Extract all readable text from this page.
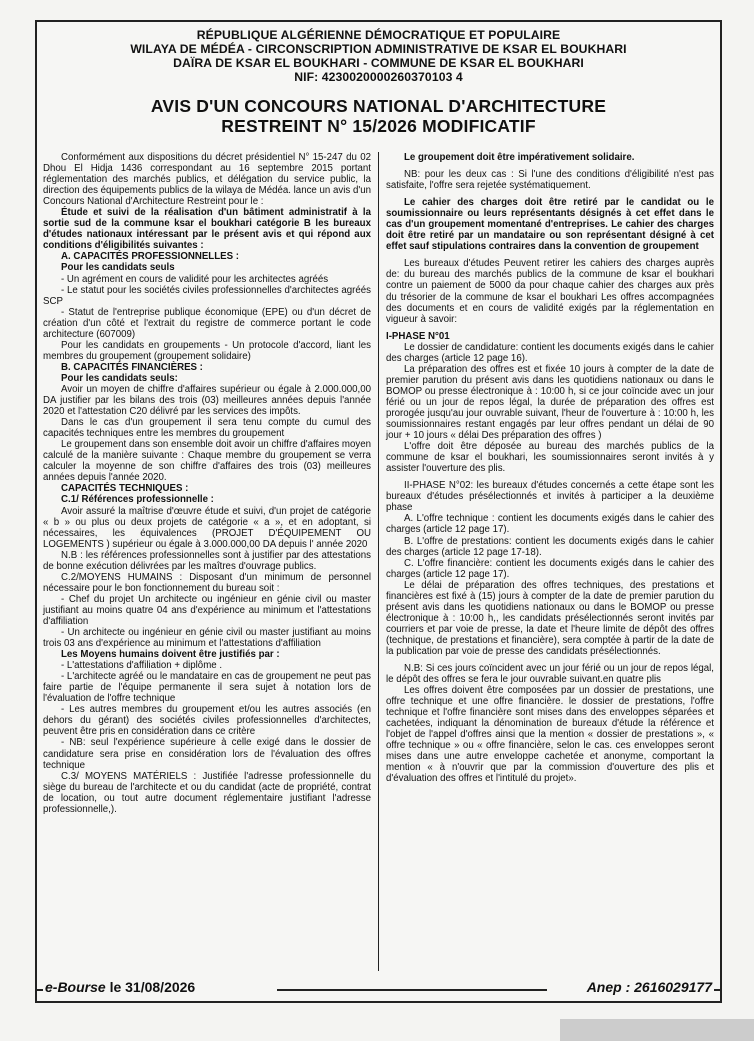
RÉPUBLIQUE ALGÉRIENNE DÉMOCRATIQUE ET POPULAIRE
WILAYA DE MÉDÉA - CIRCONSCRIPTION ADMINISTRATIVE DE KSAR EL BOUKHARI
DAÏRA DE KSAR EL BOUKHARI - COMMUNE DE KSAR EL BOUKHARI
NIF: 4230020000260370103 4
AVIS D'UN CONCOURS NATIONAL D'ARCHITECTURE
RESTREINT N° 15/2026 MODIFICATIF

Conformément aux dispositions du décret présidentiel N° 15-247 du 02 Dhou El Hidja 1436 correspondant au 16 septembre 2015 portant réglementation des marchés publics, et délégation du service public, la direction des équipements publics de la wilaya de Médéa. lance un avis d'un Concours National d'Architecture Restreint pour le :

Étude et suivi de la réalisation d'un bâtiment administratif à la sortie sud de la commune ksar el boukhari catégorie B les bureaux d'études nationaux intéressant par le présent avis et qui répond aux conditions d'éligibilités suivantes :

A. CAPACITÉS PROFESSIONNELLES :

Pour les candidats seuls

- Un agrément en cours de validité pour les architectes agréés

- Le statut pour les sociétés civiles professionnelles d'architectes agréés SCP

- Statut de l'entreprise publique économique (EPE) ou d'un décret de création d'un côté et l'extrait du registre de commerce portant le code architecture (607009)

Pour les candidats en groupements - Un protocole d'accord, liant les membres du groupement (groupement solidaire)

B. CAPACITÉS FINANCIÈRES :

Pour les candidats seuls:

Avoir un moyen de chiffre d'affaires supérieur ou égale à 2.000.000,00 DA justifier par les bilans des trois (03) meilleures années depuis l'année 2020 et l'attestation C20 délivré par les services des impôts.

Dans le cas d'un groupement il sera tenu compte du cumul des capacités techniques entre les membres du groupement

Le groupement dans son ensemble doit avoir un chiffre d'affaires moyen calculé de la manière suivante : Chaque membre du groupement se verra calculer la moyenne de son chiffre d'affaires des trois (03) meilleures années depuis l'année 2020.

CAPACITÉS TECHNIQUES :

C.1/ Références professionnelle :

Avoir assuré la maîtrise d'œuvre étude et suivi, d'un projet de catégorie « b » ou plus ou deux projets de catégorie « a », et en adoptant, si nécessaires, les équivalences (PROJET D'ÉQUIPEMENT OU LOGEMENTS ) supérieur ou égale à 3.000.000,00 DA depuis l' année 2020

N.B : les références professionnelles sont à justifier par des attestations de bonne exécution délivrées par les maîtres d'ouvrage publics.

C.2/MOYENS HUMAINS : Disposant d'un minimum de personnel nécessaire pour le bon fonctionnement du bureau soit :

- Chef du projet Un architecte ou ingénieur en génie civil ou master justifiant au moins quatre 04 ans d'expérience au minimum et l'attestations d'affiliation

- Un architecte ou ingénieur en génie civil ou master justifiant au moins trois 03 ans d'expérience au minimum et l'attestations d'affiliation

Les Moyens humains doivent être justifiés par :

- L'attestations d'affiliation + diplôme .

- L'architecte agréé ou le mandataire en cas de groupement ne peut pas faire partie de l'équipe permanente il sera sujet à notation lors de l'évaluation de l'offre technique

- Les autres membres du groupement et/ou les autres associés (en dehors du gérant) des sociétés civiles professionnelles d'architectes, peuvent être pris en considération dans ce critère

- NB: seul l'expérience supérieure à celle exigé dans le dossier de candidature sera prise en considération lors de l'évaluation des offres technique

C.3/ MOYENS MATÉRIELS : Justifiée l'adresse professionnelle du siège du bureau de l'architecte et ou du candidat (acte de propriété, contrat de location, ou tout autre document réglementaire justifiant l'adresse professionnelle,).

Le groupement doit être impérativement solidaire.

NB: pour les deux cas : Si l'une des conditions d'éligibilité n'est pas satisfaite, l'offre sera rejetée systématiquement.

Le cahier des charges doit être retiré par le candidat ou le soumissionnaire ou leurs représentants désignés à cet effet dans le cas d'un groupement momentané d'entreprises. Le cahier des charges doit être retiré par un mandataire ou son représentant désigné à cet effet sauf stipulations contraires dans la convention de groupement

Les bureaux d'études Peuvent retirer les cahiers des charges auprès de: du bureau des marchés publics de la commune de ksar el boukhari contre un paiement de 5000 da pour chaque cahier des charges aux près du trésorier de la commune de ksar el boukhari Les offres accompagnées des documents et en cours de validité exigés par la réglementation en vigueur à savoir:

I-PHASE N°01

Le dossier de candidature: contient les documents exigés dans le cahier des charges (article 12 page 16).

La préparation des offres est et fixée 10 jours à compter de la date de premier parution du présent avis dans les quotidiens nationaux ou dans le BOMOP ou presse électronique à : 10:00 h, si ce jour coïncide avec un jour férié ou un jour de repos légal, la durée de préparation des offres est prorogée jusqu'au jour ouvrable suivant, l'heur de l'ouverture à : 10:00 h, les soumissionnaires restant engagés par leur offres pendant un délai de 90 jour + 10 jours « délai Des préparation des offres )

L'offre doit être déposée au bureau des marchés publics de la commune de ksar el boukhari, les soumissionnaires seront invités à y assister l'ouverture des plis.

II-PHASE N°02: les bureaux d'études concernés a cette étape sont les bureaux d'études présélectionnés et invités à participer a la deuxième phase

A. L'offre technique : contient les documents exigés dans le cahier des charges (article 12 page 17).

B. L'offre de prestations: contient les documents exigés dans le cahier des charges (article 12 page 17-18).

C. L'offre financière: contient les documents exigés dans le cahier des charges (article 12 page 17).

Le délai de préparation des offres techniques, des prestations et financières est fixé à (15) jours à compter de la date de premier parution du présent avis dans les quotidiens nationaux ou dans le BOMOP ou presse électronique à : 10:00 h,, les candidats présélectionnés seront invités par courriers et par voie de presse, la date et l'heure limite de dépôt des offres (technique, de prestations et financière), sera comptée à partir de la date de la publication par voie de presse des candidats présélectionnés.

N.B: Si ces jours coïncident avec un jour férié ou un jour de repos légal, le dépôt des offres se fera le jour ouvrable suivant.en quatre plis

Les offres doivent être composées par un dossier de prestations, une offre technique et une offre financière. le dossier de prestations, l'offre technique et l'offre financière sont mises dans des enveloppes séparées et cachetées, indiquant la dénomination de bureaux d'étude la référence et l'objet de l'appel d'offres ainsi que la mention « dossier de prestations », « offre technique » ou « offre financière, selon le cas. ces enveloppes seront mises dans une autre enveloppe cachetée et anonyme, comportant la mention « à n'ouvrir que par la commission d'ouverture des plis et d'évaluation des offres et l'intitulé du projet».

e-Bourse le 31/08/2026	Anep : 2616029177
